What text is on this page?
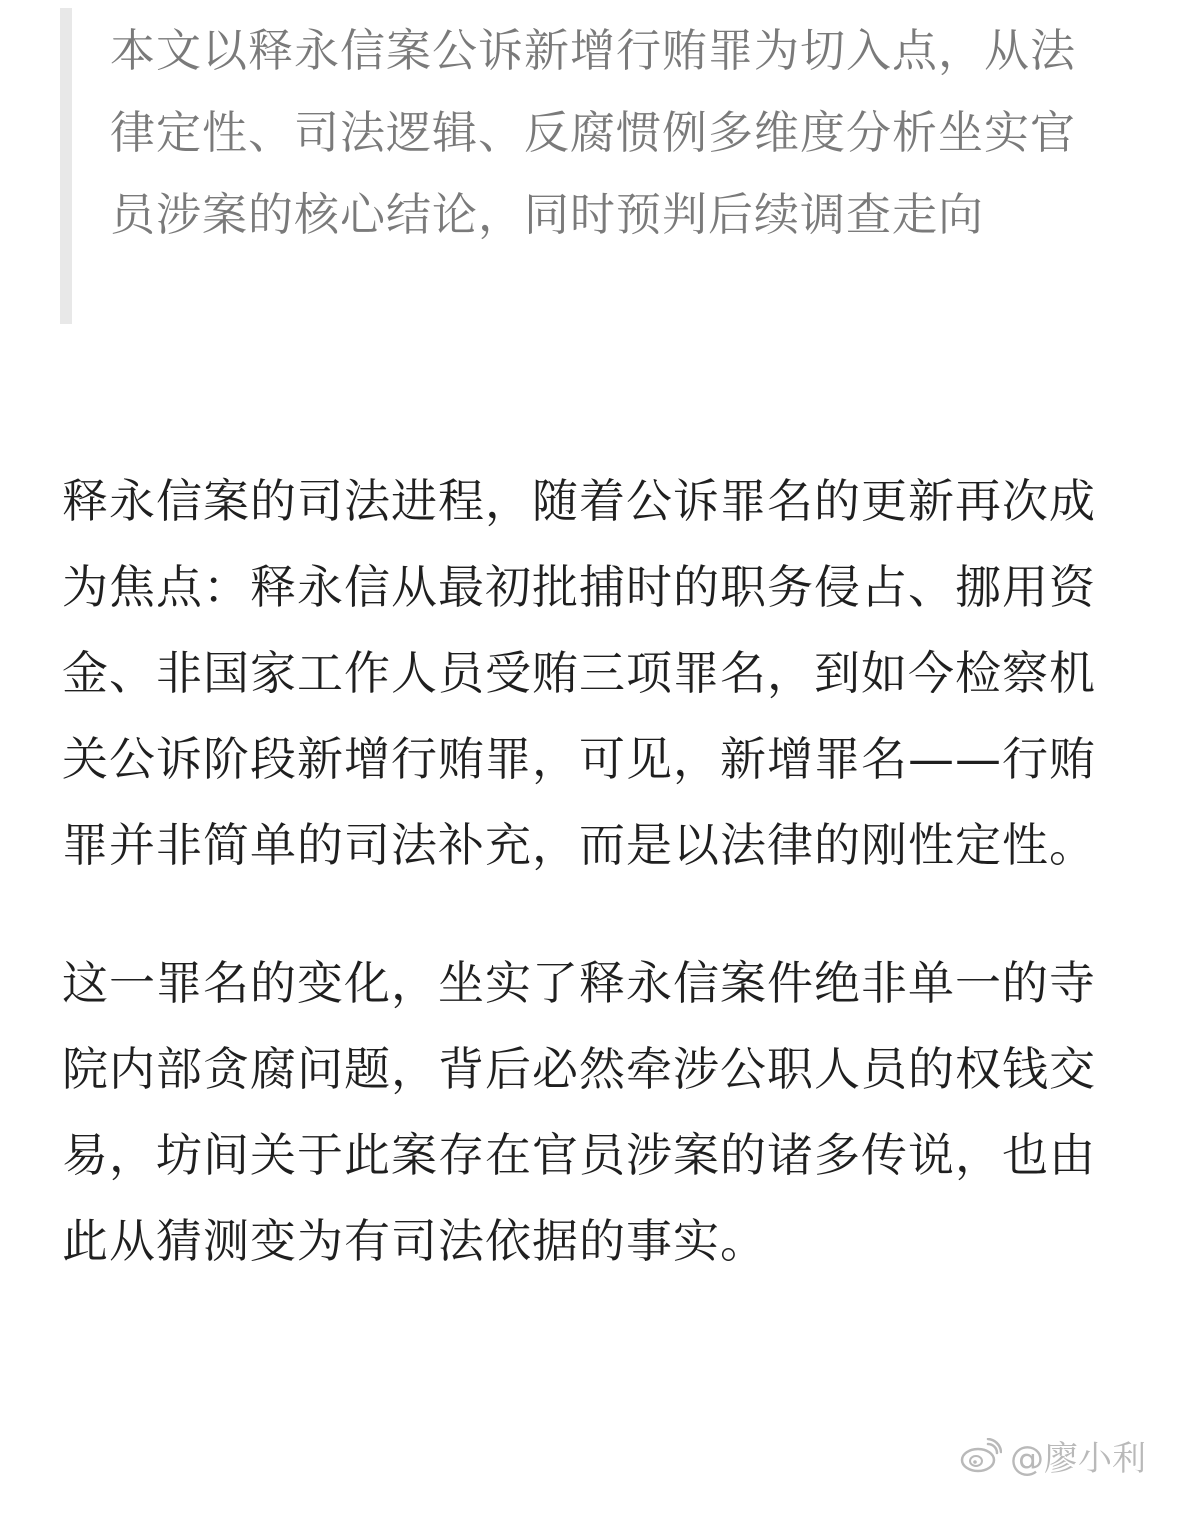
本文以释永信案公诉新增行贿罪为切入点，从法律定性、司法逻辑、反腐惯例多维度分析坐实官员涉案的核心结论，同时预判后续调查走向

释永信案的司法进程，随着公诉罪名的更新再次成为焦点：释永信从最初批捕时的职务侵占、挪用资金、非国家工作人员受贿三项罪名，到如今检察机关公诉阶段新增行贿罪，可见，新增罪名——行贿罪并非简单的司法补充，而是以法律的刚性定性。

这一罪名的变化，坐实了释永信案件绝非单一的寺院内部贪腐问题，背后必然牵涉公职人员的权钱交易，坊间关于此案存在官员涉案的诸多传说，也由此从猜测变为有司法依据的事实。

@廖小利
